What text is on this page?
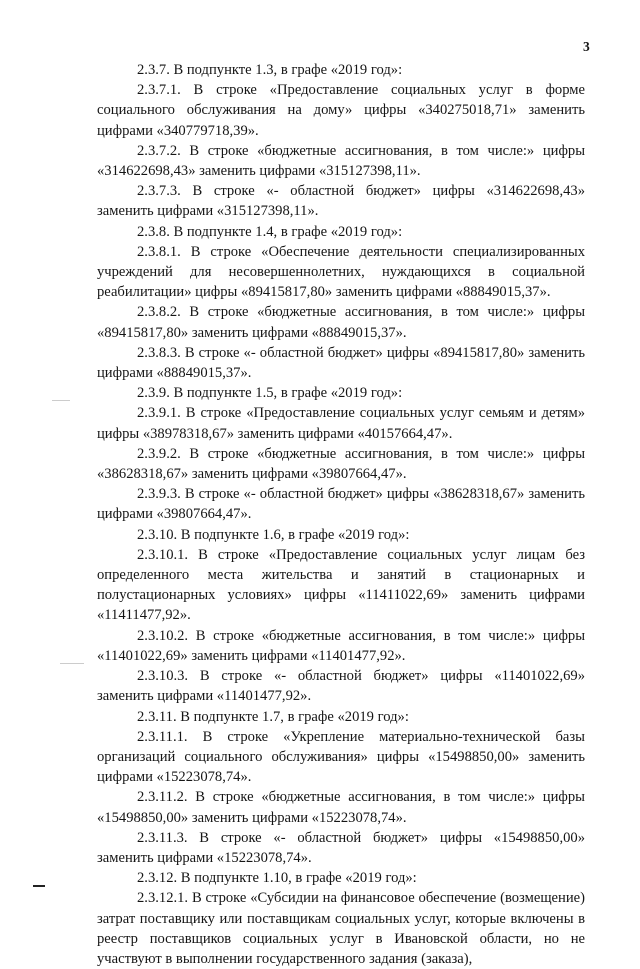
3

2.3.7. В подпункте 1.3, в графе «2019 год»:

2.3.7.1. В строке «Предоставление социальных услуг в форме социального обслуживания на дому» цифры «340275018,71» заменить цифрами «340779718,39».

2.3.7.2. В строке «бюджетные ассигнования, в том числе:» цифры «314622698,43» заменить цифрами «315127398,11».

2.3.7.3. В строке «- областной бюджет» цифры «314622698,43» заменить цифрами «315127398,11».

2.3.8. В подпункте 1.4, в графе «2019 год»:

2.3.8.1. В строке «Обеспечение деятельности специализированных учреждений для несовершеннолетних, нуждающихся в социальной реабилитации» цифры «89415817,80» заменить цифрами «88849015,37».

2.3.8.2. В строке «бюджетные ассигнования, в том числе:» цифры «89415817,80» заменить цифрами «88849015,37».

2.3.8.3. В строке «- областной бюджет» цифры «89415817,80» заменить цифрами «88849015,37».

2.3.9. В подпункте 1.5, в графе «2019 год»:

2.3.9.1. В строке «Предоставление социальных услуг семьям и детям» цифры «38978318,67» заменить цифрами «40157664,47».

2.3.9.2. В строке «бюджетные ассигнования, в том числе:» цифры «38628318,67» заменить цифрами «39807664,47».

2.3.9.3. В строке «- областной бюджет» цифры «38628318,67» заменить цифрами «39807664,47».

2.3.10. В подпункте 1.6, в графе «2019 год»:

2.3.10.1. В строке «Предоставление социальных услуг лицам без определенного места жительства и занятий в стационарных и полустационарных условиях» цифры «11411022,69» заменить цифрами «11411477,92».

2.3.10.2. В строке «бюджетные ассигнования, в том числе:» цифры «11401022,69» заменить цифрами «11401477,92».

2.3.10.3. В строке «- областной бюджет» цифры «11401022,69» заменить цифрами «11401477,92».

2.3.11. В подпункте 1.7, в графе «2019 год»:

2.3.11.1. В строке «Укрепление материально-технической базы организаций социального обслуживания» цифры «15498850,00» заменить цифрами «15223078,74».

2.3.11.2. В строке «бюджетные ассигнования, в том числе:» цифры «15498850,00» заменить цифрами «15223078,74».

2.3.11.3. В строке «- областной бюджет» цифры «15498850,00» заменить цифрами «15223078,74».

2.3.12. В подпункте 1.10, в графе «2019 год»:

2.3.12.1. В строке «Субсидии на финансовое обеспечение (возмещение) затрат поставщику или поставщикам социальных услуг, которые включены в реестр поставщиков социальных услуг в Ивановской области, но не участвуют в выполнении государственного задания (заказа),
